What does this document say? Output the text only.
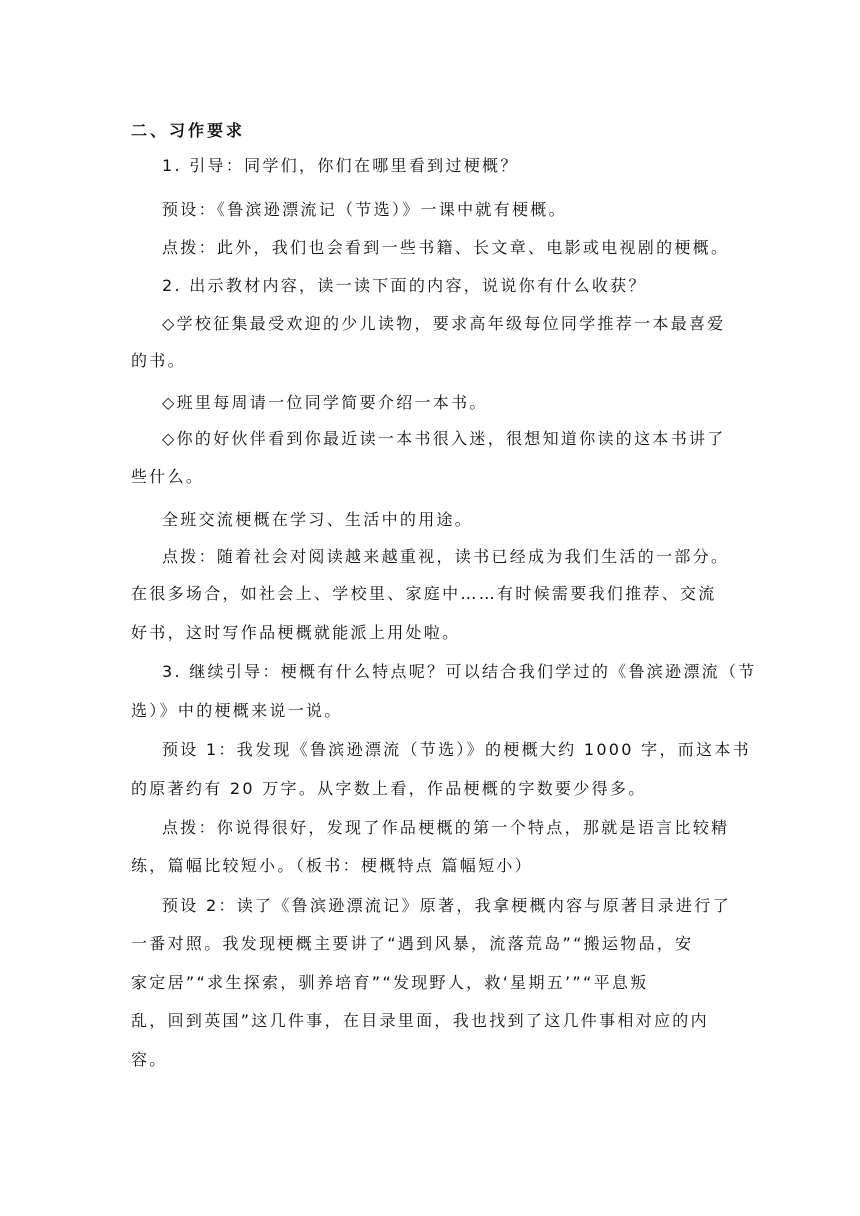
二、习作要求
1. 引导：同学们，你们在哪里看到过梗概？
预设：《鲁滨逊漂流记（节选）》一课中就有梗概。
点拨：此外，我们也会看到一些书籍、长文章、电影或电视剧的梗概。
2. 出示教材内容，读一读下面的内容，说说你有什么收获？
◇学校征集最受欢迎的少儿读物，要求高年级每位同学推荐一本最喜爱
的书。
◇班里每周请一位同学简要介绍一本书。
◇你的好伙伴看到你最近读一本书很入迷，很想知道你读的这本书讲了
些什么。
全班交流梗概在学习、生活中的用途。
点拨：随着社会对阅读越来越重视，读书已经成为我们生活的一部分。
在很多场合，如社会上、学校里、家庭中……有时候需要我们推荐、交流
好书，这时写作品梗概就能派上用处啦。
3. 继续引导：梗概有什么特点呢？可以结合我们学过的《鲁滨逊漂流（节
选）》中的梗概来说一说。
预设 1：我发现《鲁滨逊漂流（节选）》的梗概大约 1000 字，而这本书
的原著约有 20 万字。从字数上看，作品梗概的字数要少得多。
点拨：你说得很好，发现了作品梗概的第一个特点，那就是语言比较精
练，篇幅比较短小。（板书：梗概特点 篇幅短小）
预设 2：读了《鲁滨逊漂流记》原著，我拿梗概内容与原著目录进行了
一番对照。我发现梗概主要讲了“遇到风暴，流落荒岛”“搬运物品，安
家定居”“求生探索，驯养培育”“发现野人，救‘星期五’”“平息叛
乱，回到英国”这几件事，在目录里面，我也找到了这几件事相对应的内
容。
